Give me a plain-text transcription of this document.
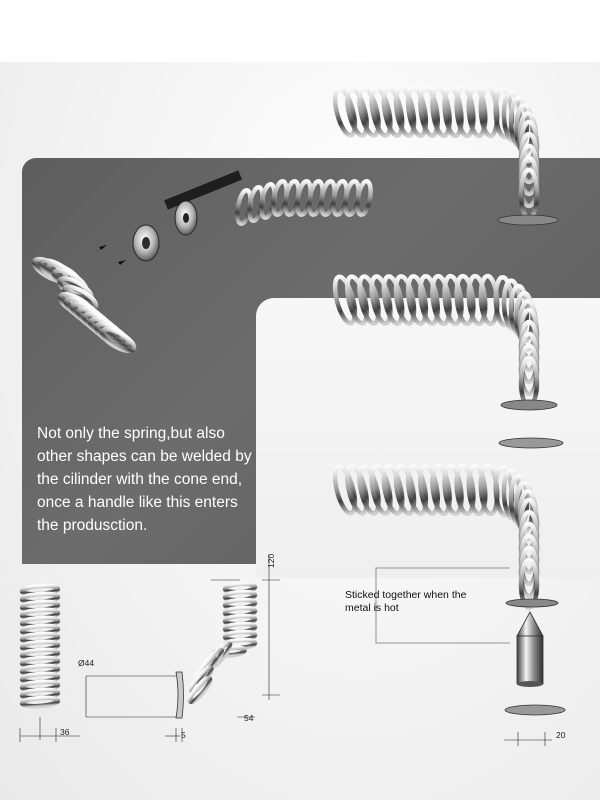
Not only the spring,but also other shapes can be welded by the cilinder with the cone end, once a handle like this enters the produsction.

Sticked together when the metal is hot
120
Ø44
36	5
54
20
